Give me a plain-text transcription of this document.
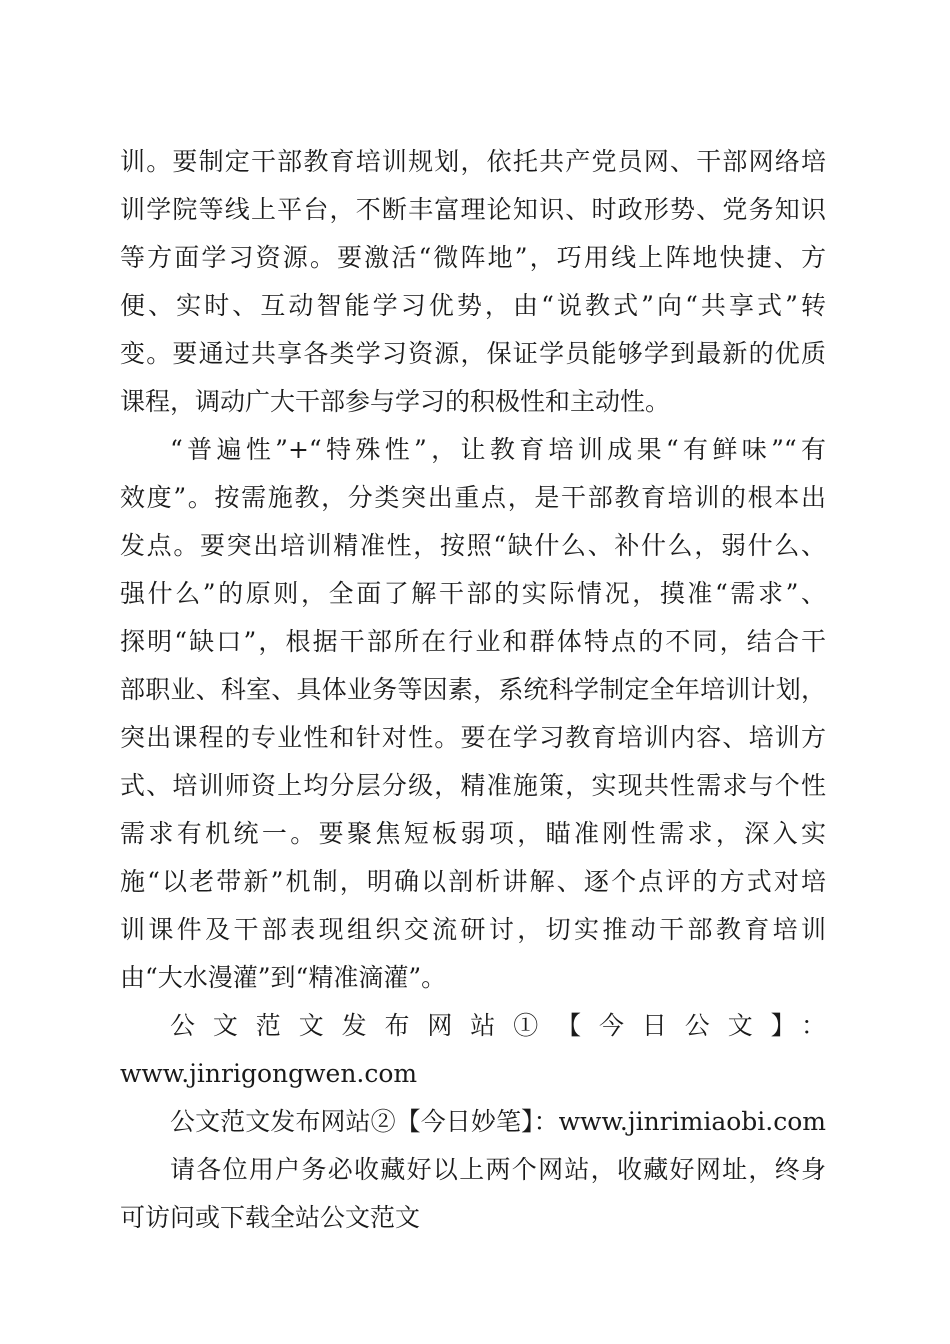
训。要制定干部教育培训规划，依托共产党员网、干部网络培
训学院等线上平台，不断丰富理论知识、时政形势、党务知识
等方面学习资源。要激活“微阵地”，巧用线上阵地快捷、方
便、实时、互动智能学习优势，由“说教式”向“共享式”转
变。要通过共享各类学习资源，保证学员能够学到最新的优质
课程，调动广大干部参与学习的积极性和主动性。
“普遍性”+“特殊性”，让教育培训成果“有鲜味”“有
效度”。按需施教，分类突出重点，是干部教育培训的根本出
发点。要突出培训精准性，按照“缺什么、补什么，弱什么、
强什么”的原则，全面了解干部的实际情况，摸准“需求”、
探明“缺口”，根据干部所在行业和群体特点的不同，结合干
部职业、科室、具体业务等因素，系统科学制定全年培训计划，
突出课程的专业性和针对性。要在学习教育培训内容、培训方
式、培训师资上均分层分级，精准施策，实现共性需求与个性
需求有机统一。要聚焦短板弱项，瞄准刚性需求，深入实
施“以老带新”机制，明确以剖析讲解、逐个点评的方式对培
训课件及干部表现组织交流研讨，切实推动干部教育培训
由“大水漫灌”到“精准滴灌”。
公文范文发布网站①【今日公文】：
www.jinrigongwen.com
公文范文发布网站②【今日妙笔】：www.jinrimiaobi.com
请各位用户务必收藏好以上两个网站，收藏好网址，终身
可访问或下载全站公文范文
